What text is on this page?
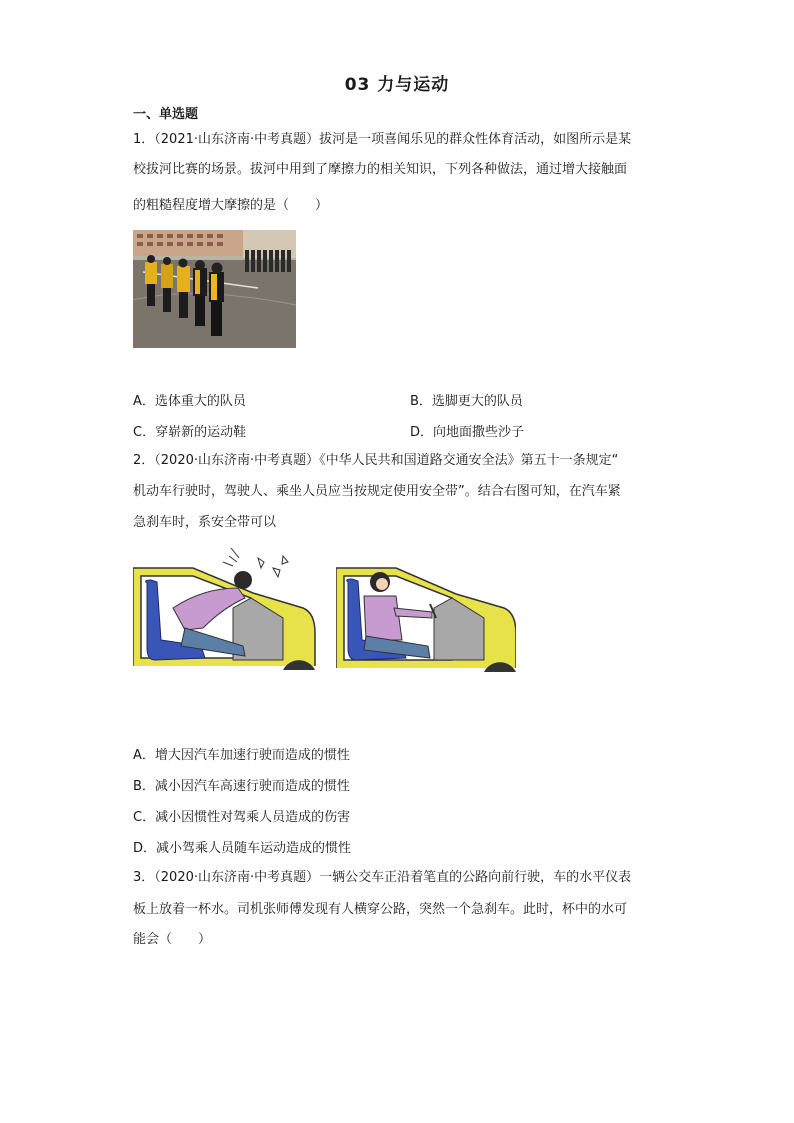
03 力与运动
一、单选题
1．（2021·山东济南·中考真题）拔河是一项喜闻乐见的群众性体育活动，如图所示是某
校拔河比赛的场景。拔河中用到了摩擦力的相关知识，下列各种做法，通过增大接触面
的粗糙程度增大摩擦的是（　　）
A．选体重大的队员	B．选脚更大的队员
C．穿崭新的运动鞋	D．向地面撒些沙子
2．（2020·山东济南·中考真题）《中华人民共和国道路交通安全法》第五十一条规定“
机动车行驶时，驾驶人、乘坐人员应当按规定使用安全带”。结合右图可知，在汽车紧
急刹车时，系安全带可以
A．增大因汽车加速行驶而造成的惯性
B．减小因汽车高速行驶而造成的惯性
C．减小因惯性对驾乘人员造成的伤害
D．减小驾乘人员随车运动造成的惯性
3．（2020·山东济南·中考真题）一辆公交车正沿着笔直的公路向前行驶，车的水平仪表
板上放着一杯水。司机张师傅发现有人横穿公路，突然一个急刹车。此时，杯中的水可
能会（　　）
